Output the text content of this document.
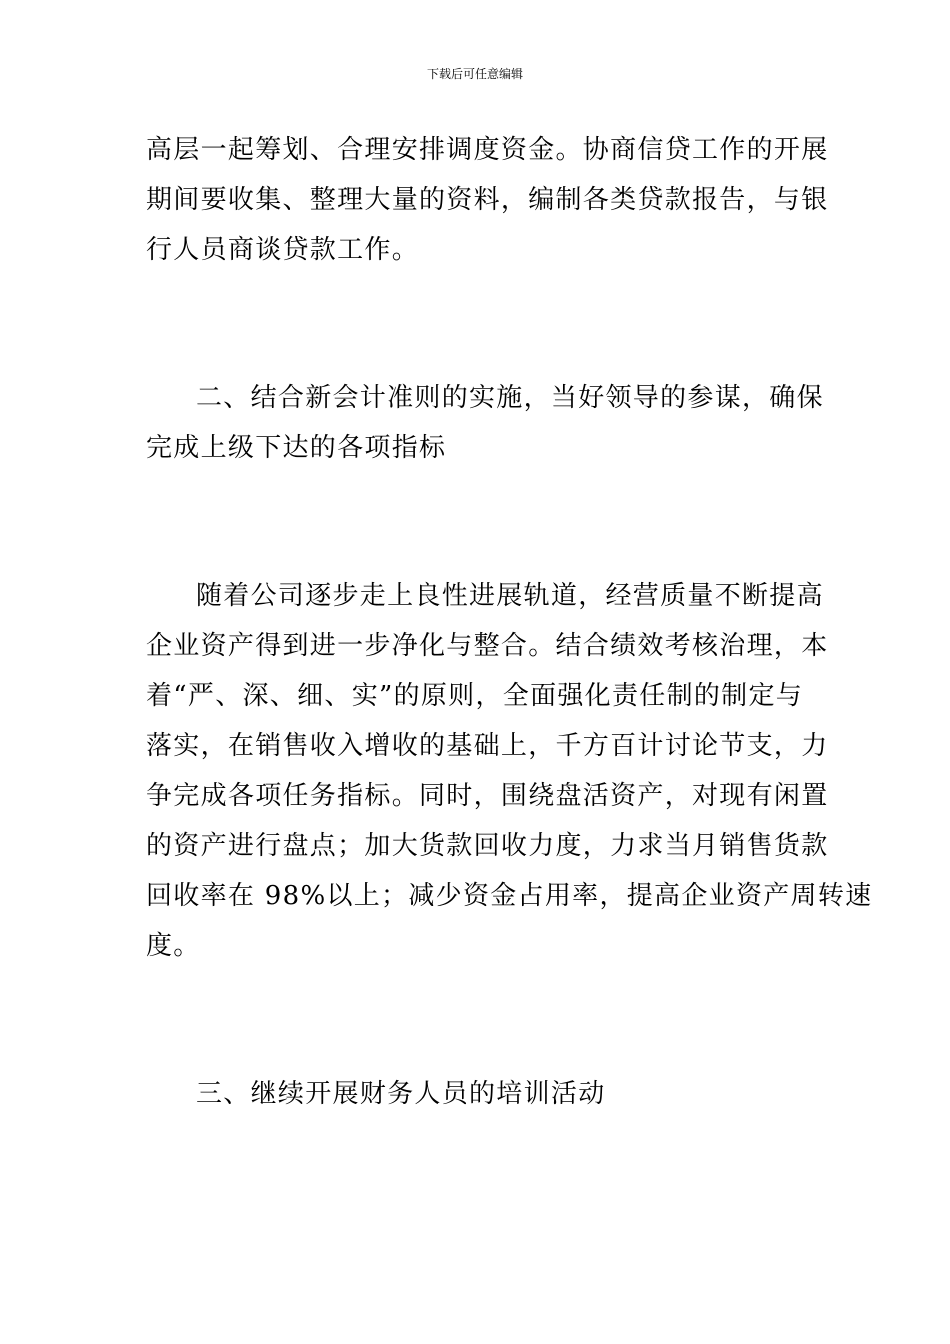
下载后可任意编辑
高层一起筹划、合理安排调度资金。协商信贷工作的开展
期间要收集、整理大量的资料，编制各类贷款报告，与银
行人员商谈贷款工作。
二、结合新会计准则的实施，当好领导的参谋，确保
完成上级下达的各项指标
随着公司逐步走上良性进展轨道，经营质量不断提高
企业资产得到进一步净化与整合。结合绩效考核治理，本
着“严、深、细、实”的原则，全面强化责任制的制定与
落实，在销售收入增收的基础上，千方百计讨论节支，力
争完成各项任务指标。同时，围绕盘活资产，对现有闲置
的资产进行盘点；加大货款回收力度，力求当月销售货款
回收率在 98%以上；减少资金占用率，提高企业资产周转速
度。
三、继续开展财务人员的培训活动
